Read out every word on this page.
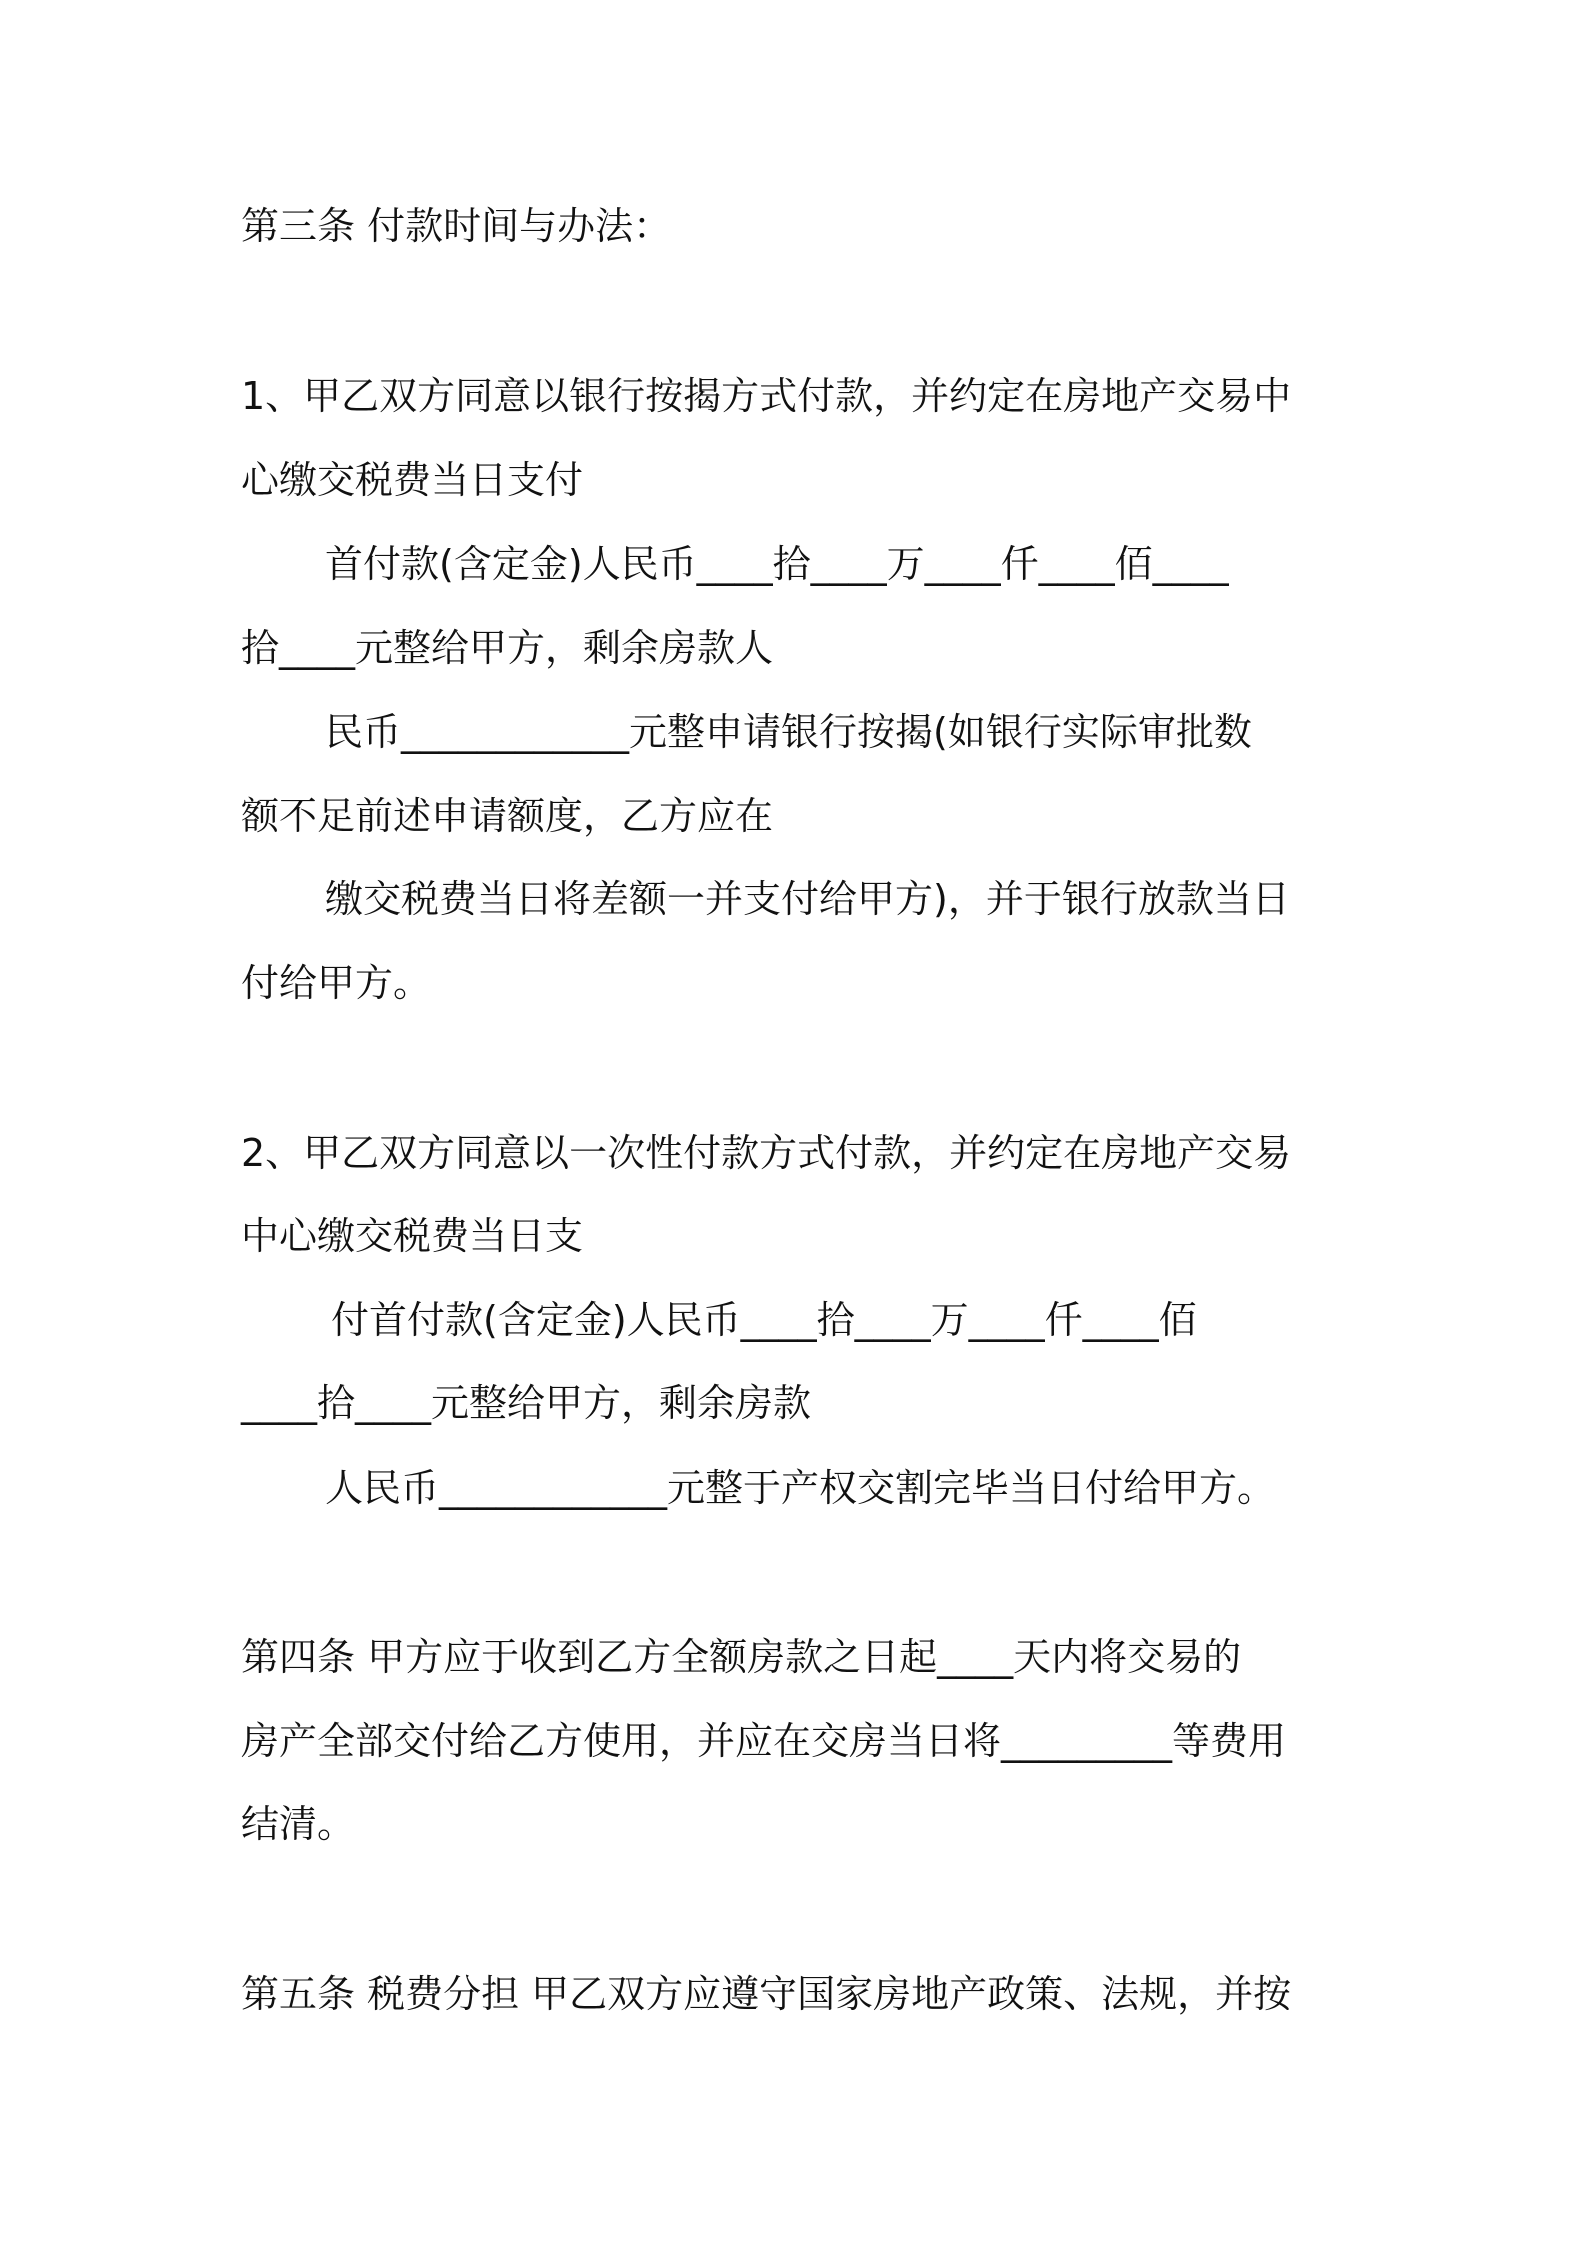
第三条 付款时间与办法：
1、甲乙双方同意以银行按揭方式付款，并约定在房地产交易中
心缴交税费当日支付
首付款(含定金)人民币____拾____万____仟____佰____
拾____元整给甲方，剩余房款人
民币____________元整申请银行按揭(如银行实际审批数
额不足前述申请额度，乙方应在
缴交税费当日将差额一并支付给甲方)，并于银行放款当日
付给甲方。
2、甲乙双方同意以一次性付款方式付款，并约定在房地产交易
中心缴交税费当日支
付首付款(含定金)人民币____拾____万____仟____佰
____拾____元整给甲方，剩余房款
人民币____________元整于产权交割完毕当日付给甲方。
第四条 甲方应于收到乙方全额房款之日起____天内将交易的
房产全部交付给乙方使用，并应在交房当日将_________等费用
结清。
第五条 税费分担 甲乙双方应遵守国家房地产政策、法规，并按
